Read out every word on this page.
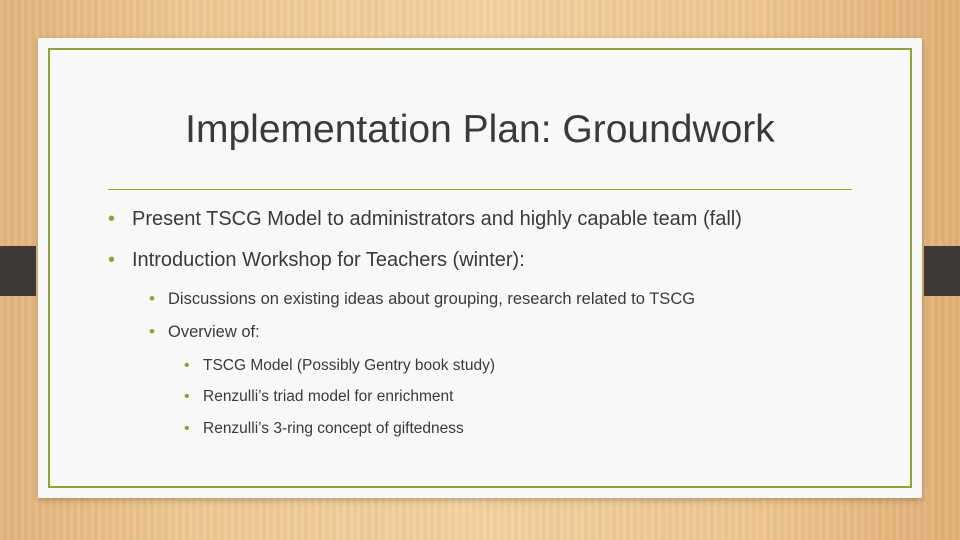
Implementation Plan: Groundwork
• Present TSCG Model to administrators and highly capable team (fall)
• Introduction Workshop for Teachers (winter):
• Discussions on existing ideas about grouping, research related to TSCG
• Overview of:
• TSCG Model (Possibly Gentry book study)
• Renzulli’s triad model for enrichment
• Renzulli’s 3-ring concept of giftedness
